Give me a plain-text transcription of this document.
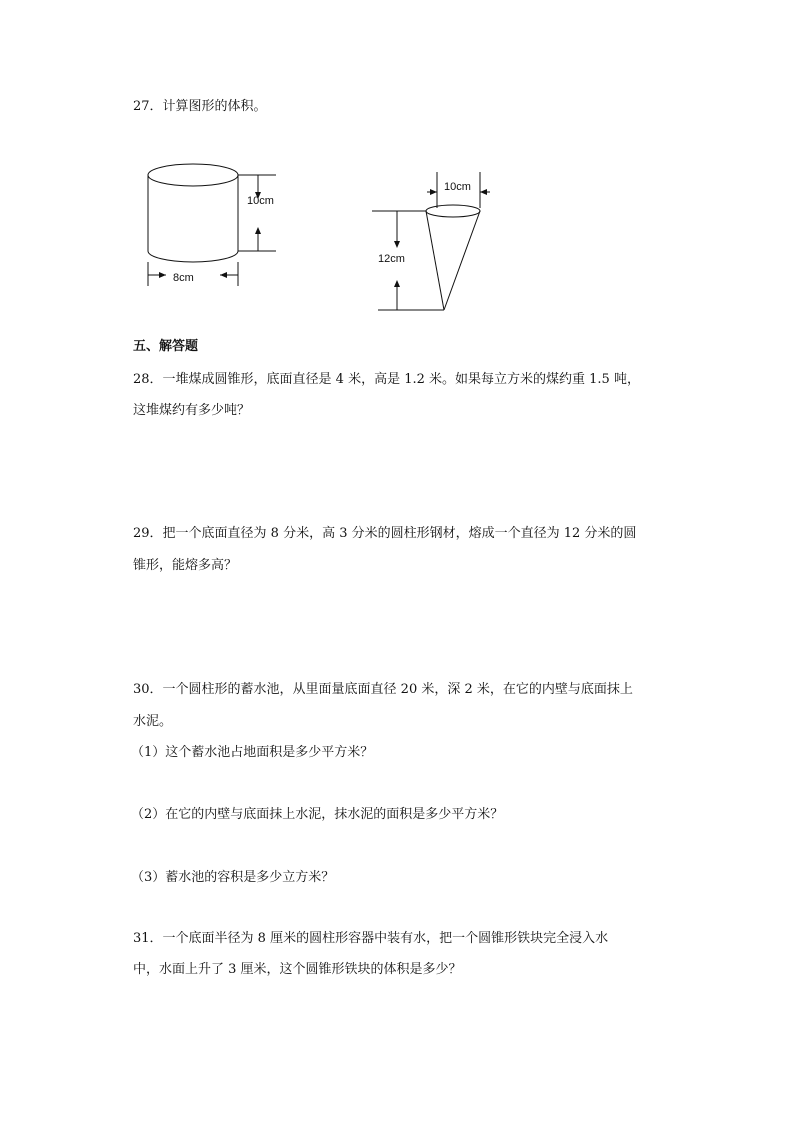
27．计算图形的体积。
10cm
8cm
10cm
12cm
五、解答题
28．一堆煤成圆锥形，底面直径是 4 米，高是 1.2 米。如果每立方米的煤约重 1.5 吨，
这堆煤约有多少吨？
29．把一个底面直径为 8 分米，高 3 分米的圆柱形钢材，熔成一个直径为 12 分米的圆
锥形，能熔多高？
30．一个圆柱形的蓄水池，从里面量底面直径 20 米，深 2 米，在它的内壁与底面抹上
水泥。
（1）这个蓄水池占地面积是多少平方米？
（2）在它的内壁与底面抹上水泥，抹水泥的面积是多少平方米？
（3）蓄水池的容积是多少立方米？
31．一个底面半径为 8 厘米的圆柱形容器中装有水，把一个圆锥形铁块完全浸入水
中，水面上升了 3 厘米，这个圆锥形铁块的体积是多少？
